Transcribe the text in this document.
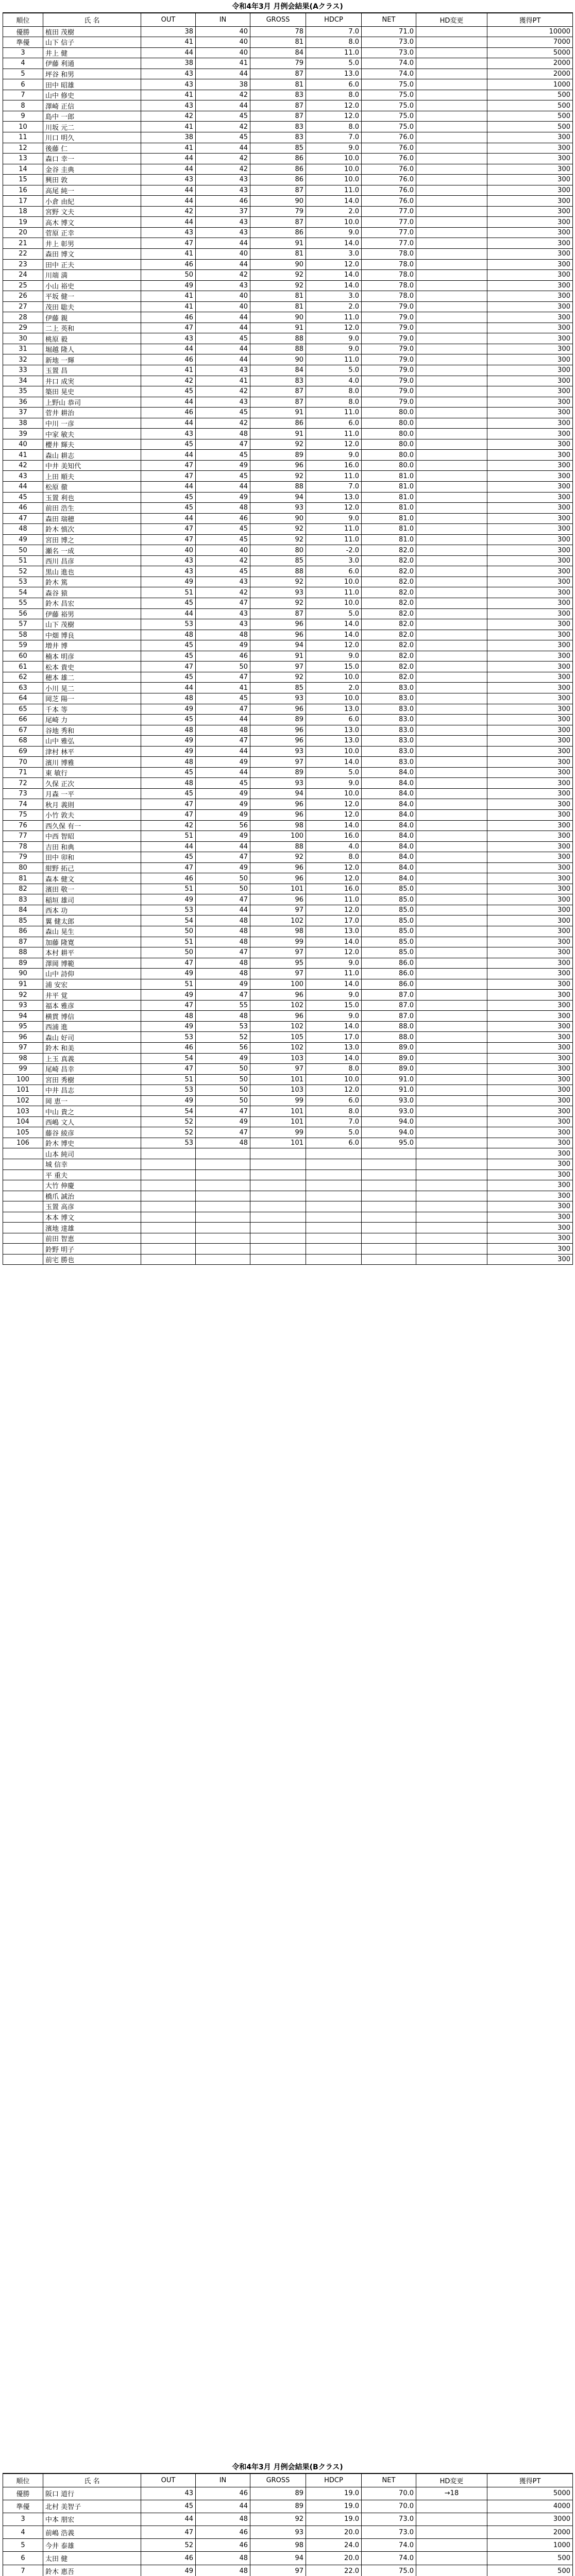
令和4年3月 月例会結果(Aクラス)
順位	氏 名	OUT	IN	GROSS	HDCP	NET	HD変更	獲得PT
優勝	植田 茂樹	38	40	78	7.0	71.0		10000
準優	山下 信子	41	40	81	8.0	73.0		7000
3	井上 健	44	40	84	11.0	73.0		5000
4	伊藤 利通	38	41	79	5.0	74.0		2000
5	坪谷 和男	43	44	87	13.0	74.0		2000
6	田中 昭雄	43	38	81	6.0	75.0		1000
7	山中 修史	41	42	83	8.0	75.0		500
8	澤崎 正信	43	44	87	12.0	75.0		500
9	島中 一郎	42	45	87	12.0	75.0		500
10	川坂 元二	41	42	83	8.0	75.0		500
11	川口 明久	38	45	83	7.0	76.0		300
12	後藤 仁	41	44	85	9.0	76.0		300
13	森口 幸一	44	42	86	10.0	76.0		300
14	金谷 圭典	44	42	86	10.0	76.0		300
15	興田 敦	43	43	86	10.0	76.0		300
16	高尾 純一	44	43	87	11.0	76.0		300
17	小倉 由紀	44	46	90	14.0	76.0		300
18	宮野 文夫	42	37	79	2.0	77.0		300
19	高木 博文	44	43	87	10.0	77.0		300
20	菅原 正幸	43	43	86	9.0	77.0		300
21	井上 彰男	47	44	91	14.0	77.0		300
22	森田 博文	41	40	81	3.0	78.0		300
23	田中 正夫	46	44	90	12.0	78.0		300
24	川端 満	50	42	92	14.0	78.0		300
25	小山 裕史	49	43	92	14.0	78.0		300
26	平坂 健一	41	40	81	3.0	78.0		300
27	茂田 聡夫	41	40	81	2.0	79.0		300
28	伊藤 親	46	44	90	11.0	79.0		300
29	二上 英和	47	44	91	12.0	79.0		300
30	桃原 毅	43	45	88	9.0	79.0		300
31	堀越 隆人	44	44	88	9.0	79.0		300
32	新地 一輝	46	44	90	11.0	79.0		300
33	玉置 昌	41	43	84	5.0	79.0		300
34	井口 成実	42	41	83	4.0	79.0		300
35	築田 晃史	45	42	87	8.0	79.0		300
36	上野山 恭司	44	43	87	8.0	79.0		300
37	菅井 耕治	46	45	91	11.0	80.0		300
38	中川 一彦	44	42	86	6.0	80.0		300
39	中家 敏夫	43	48	91	11.0	80.0		300
40	櫻井 輝夫	45	47	92	12.0	80.0		300
41	森山 耕志	44	45	89	9.0	80.0		300
42	中井 美知代	47	49	96	16.0	80.0		300
43	上田 順夫	47	45	92	11.0	81.0		300
44	松原 徹	44	44	88	7.0	81.0		300
45	玉置 利也	45	49	94	13.0	81.0		300
46	前田 浩生	45	48	93	12.0	81.0		300
47	森田 瑞穂	44	46	90	9.0	81.0		300
48	鈴木 慎次	47	45	92	11.0	81.0		300
49	宮田 博之	47	45	92	11.0	81.0		300
50	瀬名 一成	40	40	80	-2.0	82.0		300
51	西川 昌彦	43	42	85	3.0	82.0		300
52	黒山 進也	43	45	88	6.0	82.0		300
53	鈴木 篤	49	43	92	10.0	82.0		300
54	森谷 猿	51	42	93	11.0	82.0		300
55	鈴木 昌宏	45	47	92	10.0	82.0		300
56	伊藤 裕男	44	43	87	5.0	82.0		300
57	山下 茂樹	53	43	96	14.0	82.0		300
58	中畑 博良	48	48	96	14.0	82.0		300
59	増井 博	45	49	94	12.0	82.0		300
60	楠本 明彦	45	46	91	9.0	82.0		300
61	松本 貴史	47	50	97	15.0	82.0		300
62	穂本 雄二	45	47	92	10.0	82.0		300
63	小川 晃二	44	41	85	2.0	83.0		300
64	岡芝 陽一	48	45	93	10.0	83.0		300
65	千本 等	49	47	96	13.0	83.0		300
66	尾崎 力	45	44	89	6.0	83.0		300
67	谷地 秀和	48	48	96	13.0	83.0		300
68	山中 雅弘	49	47	96	13.0	83.0		300
69	津村 林平	49	44	93	10.0	83.0		300
70	濱川 博雅	48	49	97	14.0	83.0		300
71	東 敏行	45	44	89	5.0	84.0		300
72	久保 正次	48	45	93	9.0	84.0		300
73	月森 一平	45	49	94	10.0	84.0		300
74	秋月 義則	47	49	96	12.0	84.0		300
75	小竹 敦夫	47	49	96	12.0	84.0		300
76	西久保 有一	42	56	98	14.0	84.0		300
77	中西 智昭	51	49	100	16.0	84.0		300
78	吉田 和典	44	44	88	4.0	84.0		300
79	田中 卯和	45	47	92	8.0	84.0		300
80	紺野 拓己	47	49	96	12.0	84.0		300
81	森本 健文	46	50	96	12.0	84.0		300
82	濱田 敬一	51	50	101	16.0	85.0		300
83	稲垣 雄司	49	47	96	11.0	85.0		300
84	西本 功	53	44	97	12.0	85.0		300
85	翼 健太郎	54	48	102	17.0	85.0		300
86	森山 晃生	50	48	98	13.0	85.0		300
87	加藤 隆寛	51	48	99	14.0	85.0		300
88	本村 耕平	50	47	97	12.0	85.0		300
89	澤岡 博範	47	48	95	9.0	86.0		300
90	山中 詩仰	49	48	97	11.0	86.0		300
91	浦 安宏	51	49	100	14.0	86.0		300
92	井平 覚	49	47	96	9.0	87.0		300
93	福本 雅彦	47	55	102	15.0	87.0		300
94	横貫 博信	48	48	96	9.0	87.0		300
95	西浦 進	49	53	102	14.0	88.0		300
96	森山 好司	53	52	105	17.0	88.0		300
97	鈴木 和美	46	56	102	13.0	89.0		300
98	上玉 真義	54	49	103	14.0	89.0		300
99	尾崎 昌幸	47	50	97	8.0	89.0		300
100	宮田 秀樹	51	50	101	10.0	91.0		300
101	中井 昌志	53	50	103	12.0	91.0		300
102	岡 恵一	49	50	99	6.0	93.0		300
103	中山 貴之	54	47	101	8.0	93.0		300
104	西嶋 文人	52	49	101	7.0	94.0		300
105	藤谷 綾彦	52	47	99	5.0	94.0		300
106	鈴木 博史	53	48	101	6.0	95.0		300
	山本 純司							300
	城 信幸							300
	平 重夫							300
	大竹 伸慶							300
	橋爪 誠治							300
	玉置 高彦							300
	本本 博文							300
	濱地 達雄							300
	前田 智恵							300
	鈴野 明子							300
	前宅 勝也							300
令和4年3月 月例会結果(Bクラス)
順位	氏 名	OUT	IN	GROSS	HDCP	NET	HD変更	獲得PT
優勝	阪口 道行	43	46	89	19.0	70.0	→18	5000
準優	北村 美智子	45	44	89	19.0	70.0		4000
3	中本 朋宏	44	48	92	19.0	73.0		3000
4	前嶋 浩義	47	46	93	20.0	73.0		2000
5	今井 泰雄	52	46	98	24.0	74.0		1000
6	太田 健	46	48	94	20.0	74.0		500
7	鈴木 惠吾	49	48	97	22.0	75.0		500
